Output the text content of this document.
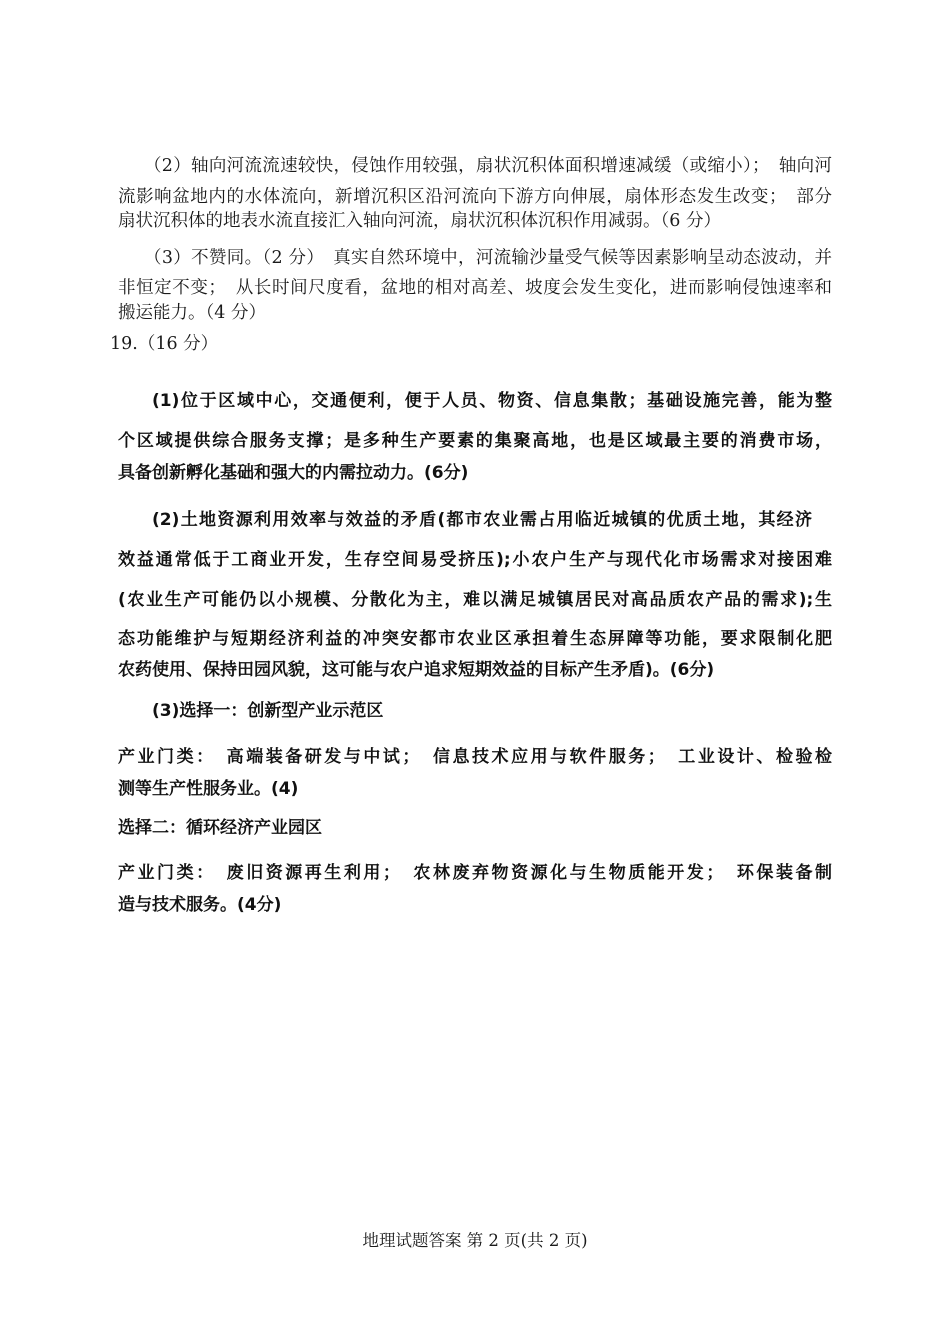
（2）轴向河流流速较快，侵蚀作用较强，扇状沉积体面积增速减缓（或缩小）；　轴向河
流影响盆地内的水体流向，新增沉积区沿河流向下游方向伸展，扇体形态发生改变；　部分
扇状沉积体的地表水流直接汇入轴向河流，扇状沉积体沉积作用减弱。（6 分）
（3）不赞同。（2 分）　真实自然环境中，河流输沙量受气候等因素影响呈动态波动，并
非恒定不变；　从长时间尺度看，盆地的相对高差、坡度会发生变化，进而影响侵蚀速率和
搬运能力。（4 分）
19.（16 分）
(1)位于区域中心，交通便利，便于人员、物资、信息集散；基础设施完善，能为整
个区域提供综合服务支撑；是多种生产要素的集聚高地，也是区域最主要的消费市场，
具备创新孵化基础和强大的内需拉动力。(6分)
(2)土地资源利用效率与效益的矛盾(都市农业需占用临近城镇的优质土地，其经济
效益通常低于工商业开发，生存空间易受挤压);小农户生产与现代化市场需求对接困难
(农业生产可能仍以小规模、分散化为主，难以满足城镇居民对高品质农产品的需求);生
态功能维护与短期经济利益的冲突安都市农业区承担着生态屏障等功能，要求限制化肥
农药使用、保持田园风貌，这可能与农户追求短期效益的目标产生矛盾)。(6分)
(3)选择一：创新型产业示范区
产业门类：　高端装备研发与中试；　信息技术应用与软件服务；　工业设计、检验检
测等生产性服务业。(4)
选择二：循环经济产业园区
产业门类：　废旧资源再生利用；　农林废弃物资源化与生物质能开发；　环保装备制
造与技术服务。(4分)
地理试题答案 第 2 页(共 2 页)
